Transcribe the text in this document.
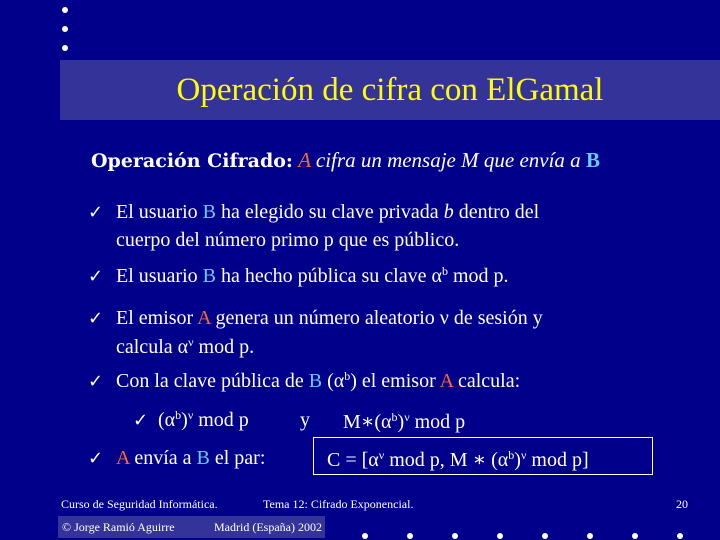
Operación de cifra con ElGamal
Operación Cifrado: A cifra un mensaje M que envía a B
✓ El usuario B ha elegido su clave privada b dentro del
cuerpo del número primo p que es público.
✓ El usuario B ha hecho pública su clave $\alpha^b$ mod p.
✓ El emisor A genera un número aleatorio ν de sesión y
calcula $\alpha^\nu$ mod p.
✓ Con la clave pública de B $(\alpha^b)$ el emisor A calcula:
✓ $(\alpha^b)^\nu$ mod p	y $M∗(\alpha^b)^\nu$ mod p
✓ A envía a B el par:	$C = [\alpha^\nu$ mod p, M ∗ $(\alpha^b)^\nu$ mod p]
Curso de Seguridad Informática.	Tema 12: Cifrado Exponencial.	20
© Jorge Ramió Aguirre	Madrid (España) 2002
